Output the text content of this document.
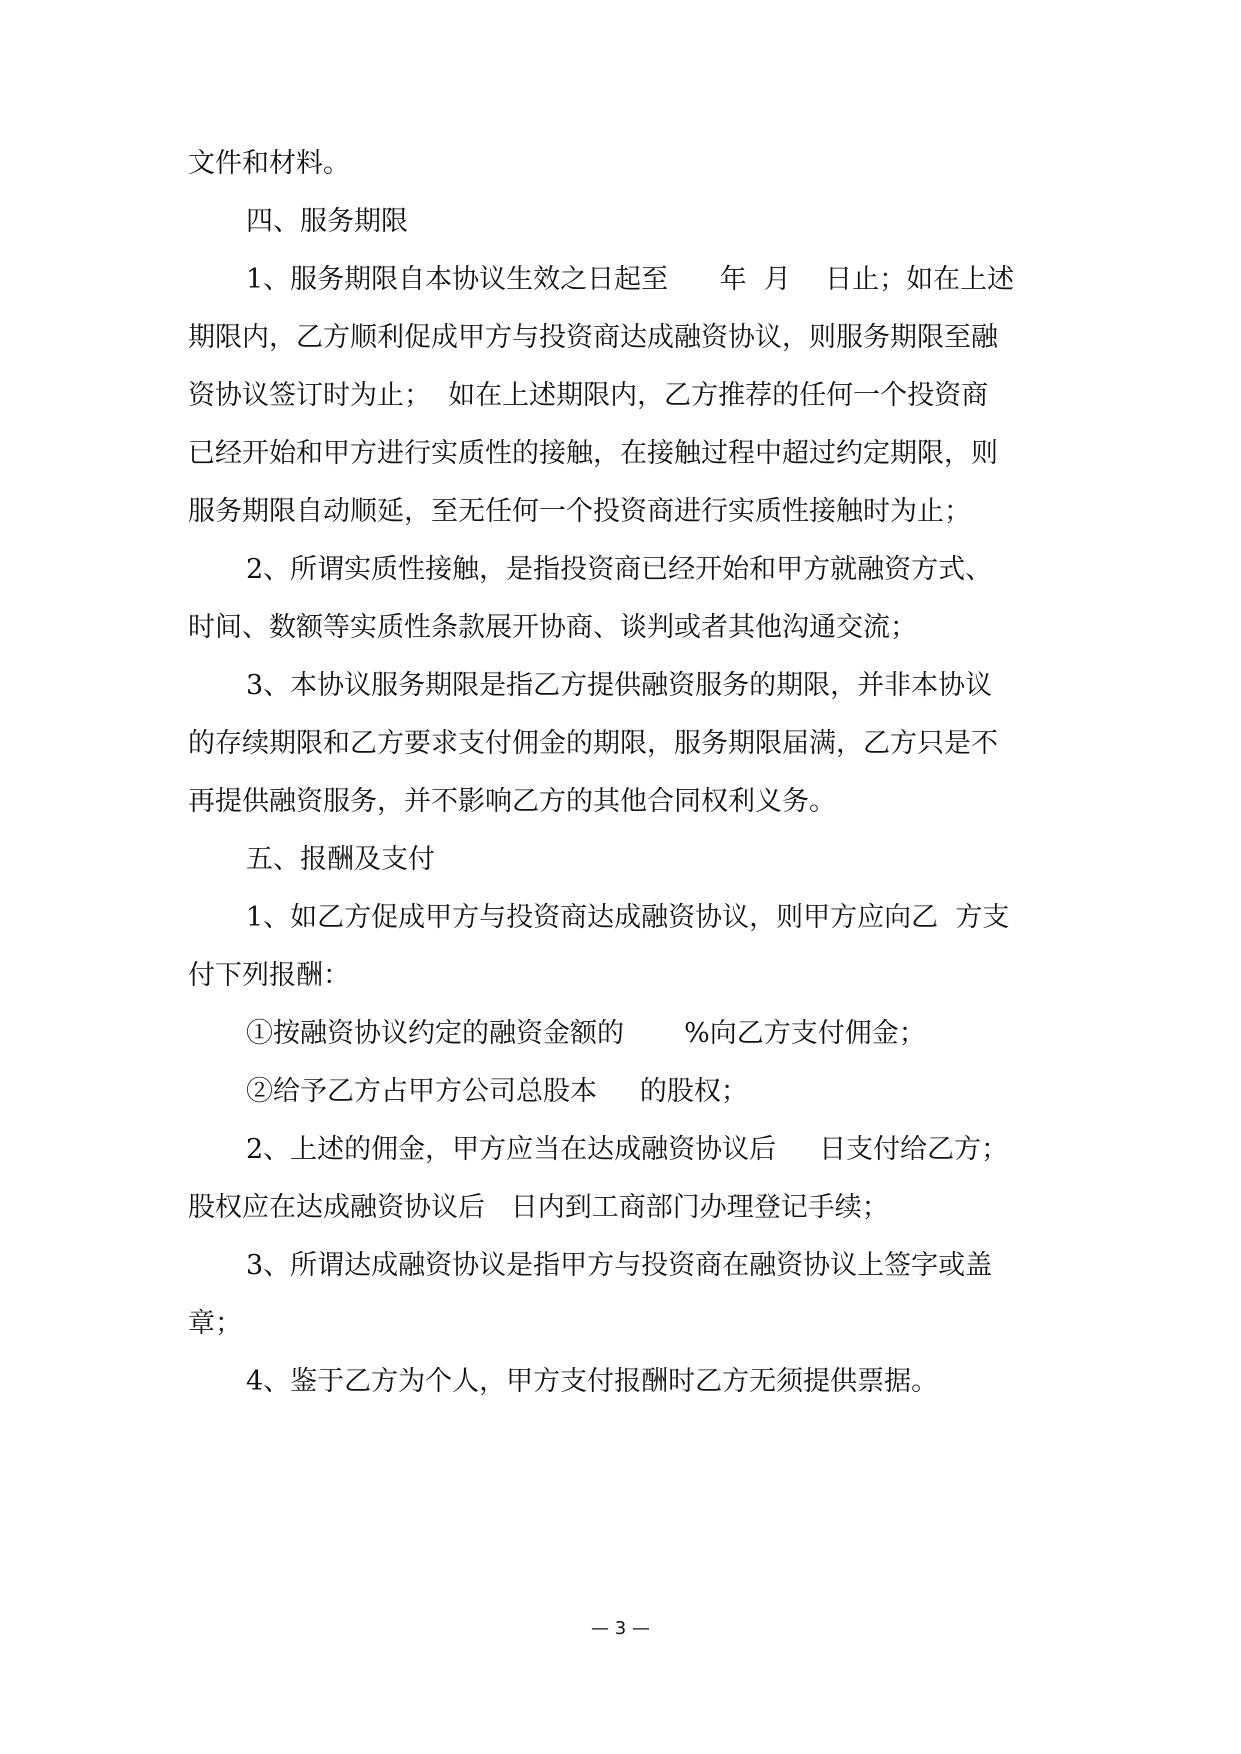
文件和材料。

四、服务期限

1、服务期限自本协议生效之日起至      年  月    日止；如在上述

期限内，乙方顺利促成甲方与投资商达成融资协议，则服务期限至融

资协议签订时为止；  如在上述期限内，乙方推荐的任何一个投资商

已经开始和甲方进行实质性的接触，在接触过程中超过约定期限，则

服务期限自动顺延，至无任何一个投资商进行实质性接触时为止；

2、所谓实质性接触，是指投资商已经开始和甲方就融资方式、

时间、数额等实质性条款展开协商、谈判或者其他沟通交流；

3、本协议服务期限是指乙方提供融资服务的期限，并非本协议

的存续期限和乙方要求支付佣金的期限，服务期限届满，乙方只是不

再提供融资服务，并不影响乙方的其他合同权利义务。

五、报酬及支付

1、如乙方促成甲方与投资商达成融资协议，则甲方应向乙  方支

付下列报酬：

①按融资协议约定的融资金额的       %向乙方支付佣金；

②给予乙方占甲方公司总股本     的股权；

2、上述的佣金，甲方应当在达成融资协议后     日支付给乙方；

股权应在达成融资协议后   日内到工商部门办理登记手续；

3、所谓达成融资协议是指甲方与投资商在融资协议上签字或盖

章；

4、鉴于乙方为个人，甲方支付报酬时乙方无须提供票据。

— 3 —
